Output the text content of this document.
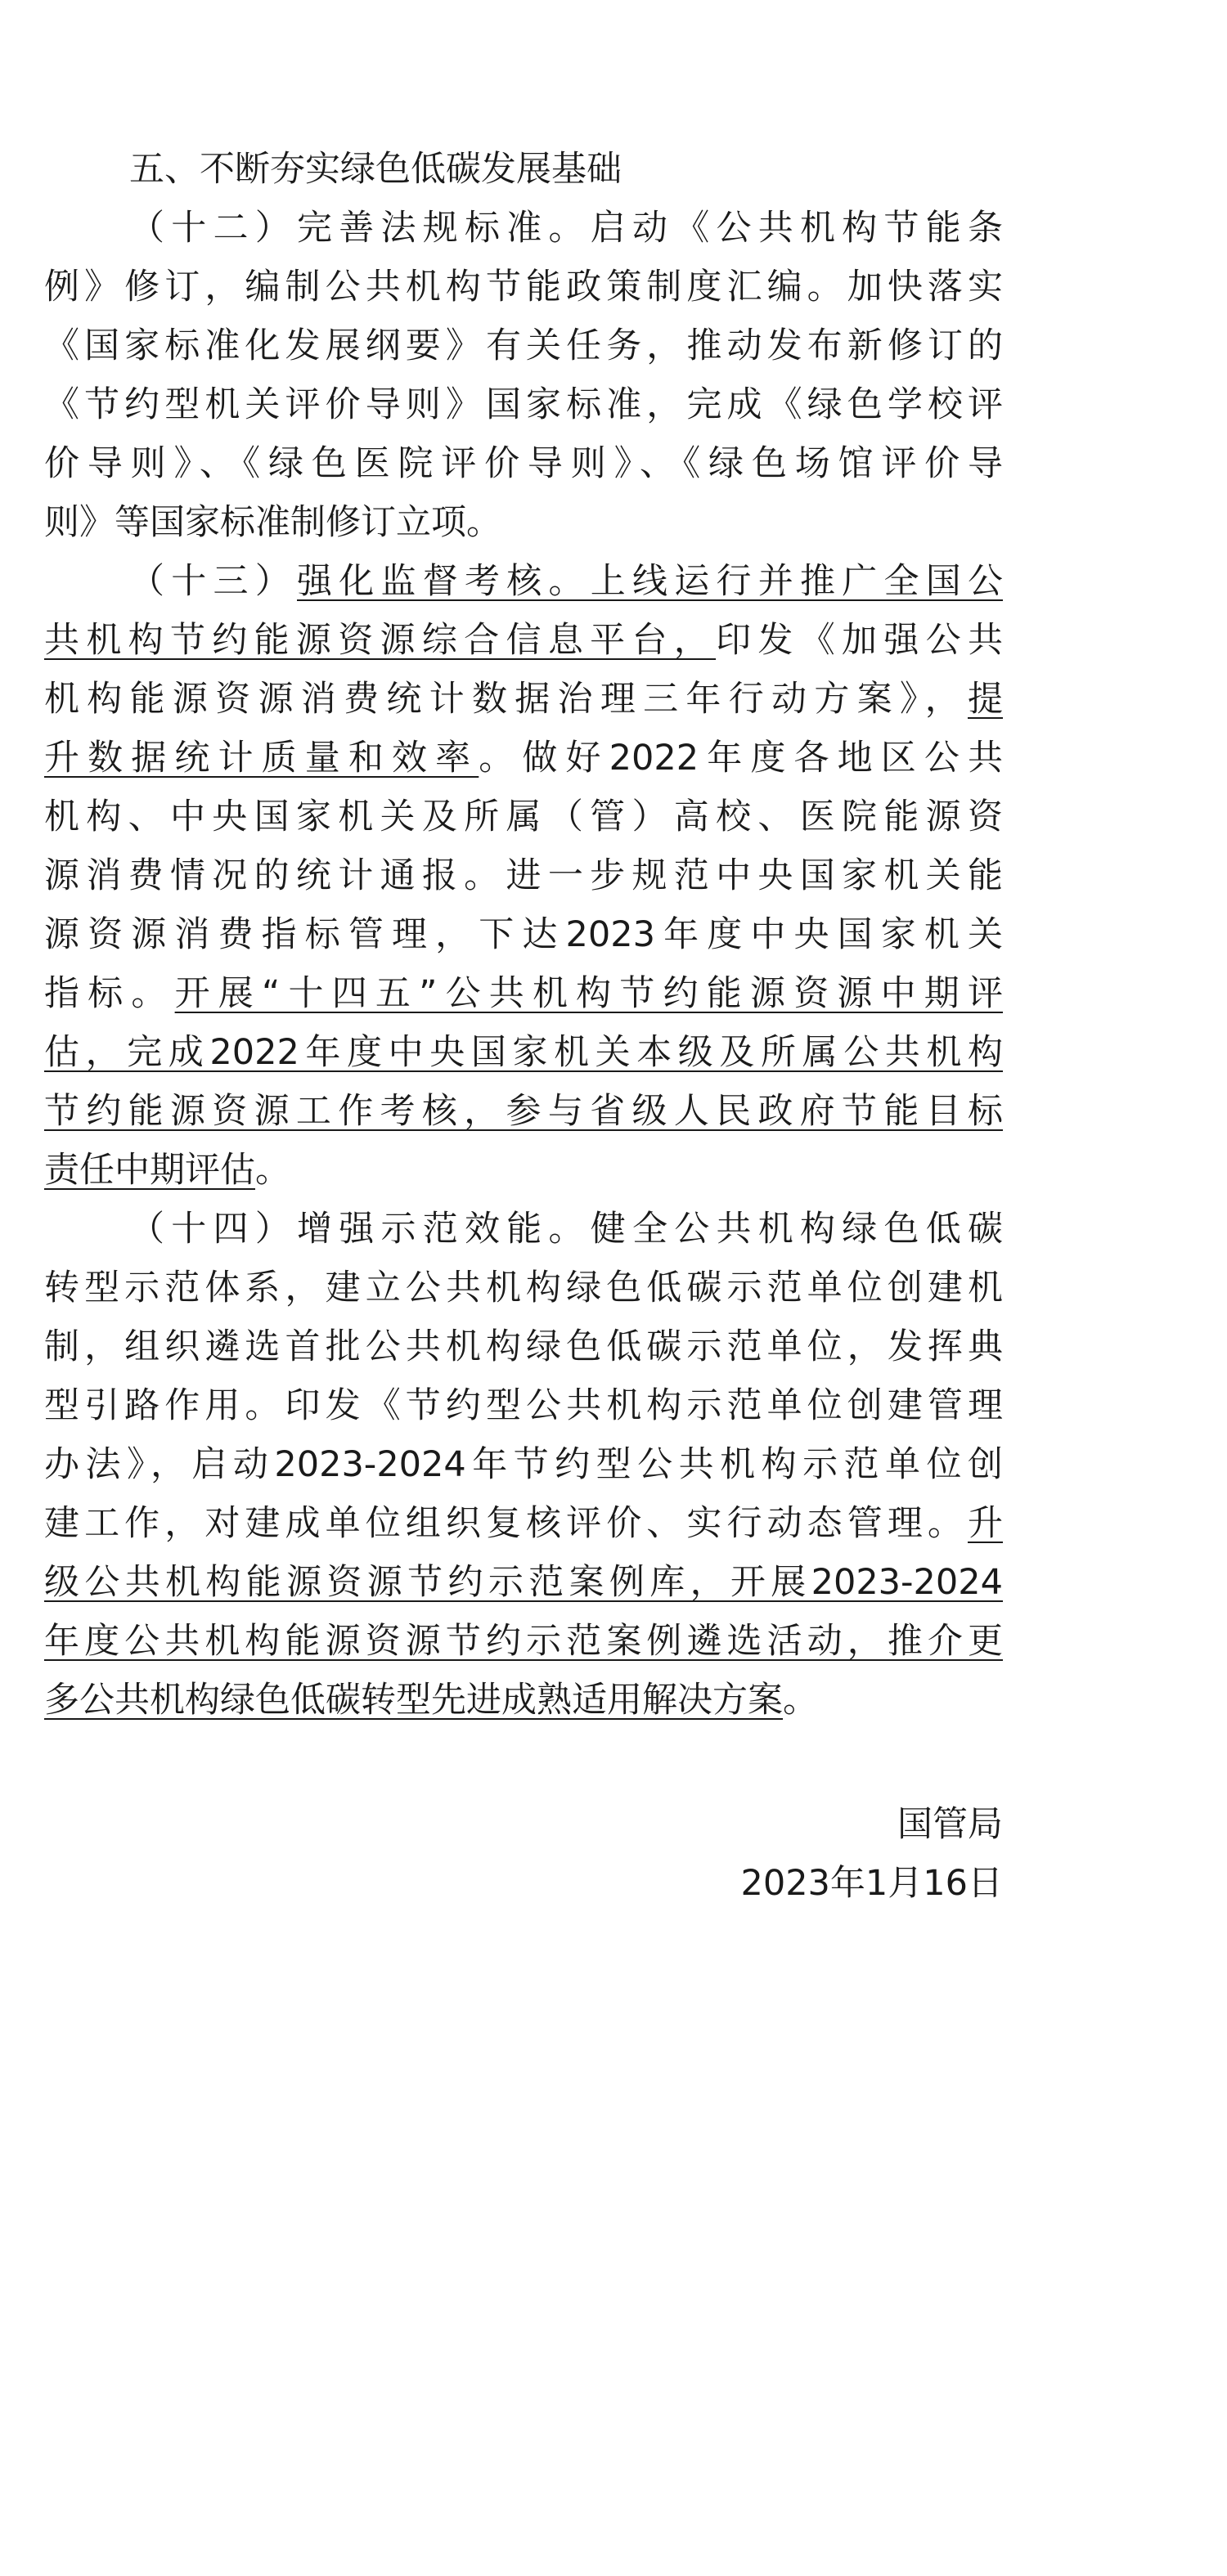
五、不断夯实绿色低碳发展基础
（十二）完善法规标准。启动《公共机构节能条
例》修订，编制公共机构节能政策制度汇编。加快落实
《国家标准化发展纲要》有关任务，推动发布新修订的
《节约型机关评价导则》国家标准，完成《绿色学校评
价导则》、《绿色医院评价导则》、《绿色场馆评价导
则》等国家标准制修订立项。
（十三）强化监督考核。上线运行并推广全国公
共机构节约能源资源综合信息平台，印发《加强公共
机构能源资源消费统计数据治理三年行动方案》，提
升数据统计质量和效率。做好2022年度各地区公共
机构、中央国家机关及所属（管）高校、医院能源资
源消费情况的统计通报。进一步规范中央国家机关能
源资源消费指标管理，下达2023年度中央国家机关
指标。开展“十四五”公共机构节约能源资源中期评
估，完成2022年度中央国家机关本级及所属公共机构
节约能源资源工作考核，参与省级人民政府节能目标
责任中期评估。
（十四）增强示范效能。健全公共机构绿色低碳
转型示范体系，建立公共机构绿色低碳示范单位创建机
制，组织遴选首批公共机构绿色低碳示范单位，发挥典
型引路作用。印发《节约型公共机构示范单位创建管理
办法》，启动2023-2024年节约型公共机构示范单位创
建工作，对建成单位组织复核评价、实行动态管理。升
级公共机构能源资源节约示范案例库，开展2023-2024
年度公共机构能源资源节约示范案例遴选活动，推介更
多公共机构绿色低碳转型先进成熟适用解决方案。
国管局
2023年1月16日
